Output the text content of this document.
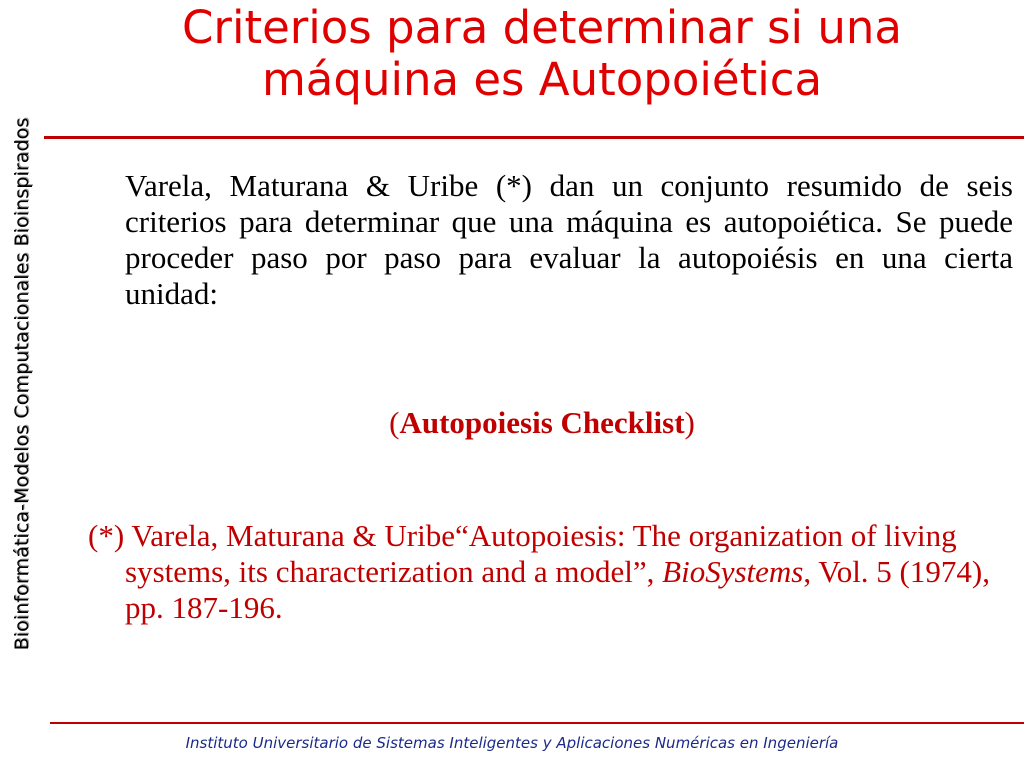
Bioinformática-Modelos Computacionales Bioinspirados
Criterios para determinar si una
máquina es Autopoiética
Varela, Maturana & Uribe (*) dan un conjunto resumido de seis criterios para determinar que una máquina es autopoiética. Se puede proceder paso por paso para evaluar la autopoiésis en una cierta unidad:
(Autopoiesis Checklist)
(*) Varela, Maturana & Uribe“Autopoiesis: The organization of living systems, its characterization and a model”, BioSystems, Vol. 5 (1974), pp. 187-196.
Instituto Universitario de Sistemas Inteligentes y Aplicaciones Numéricas en Ingeniería
